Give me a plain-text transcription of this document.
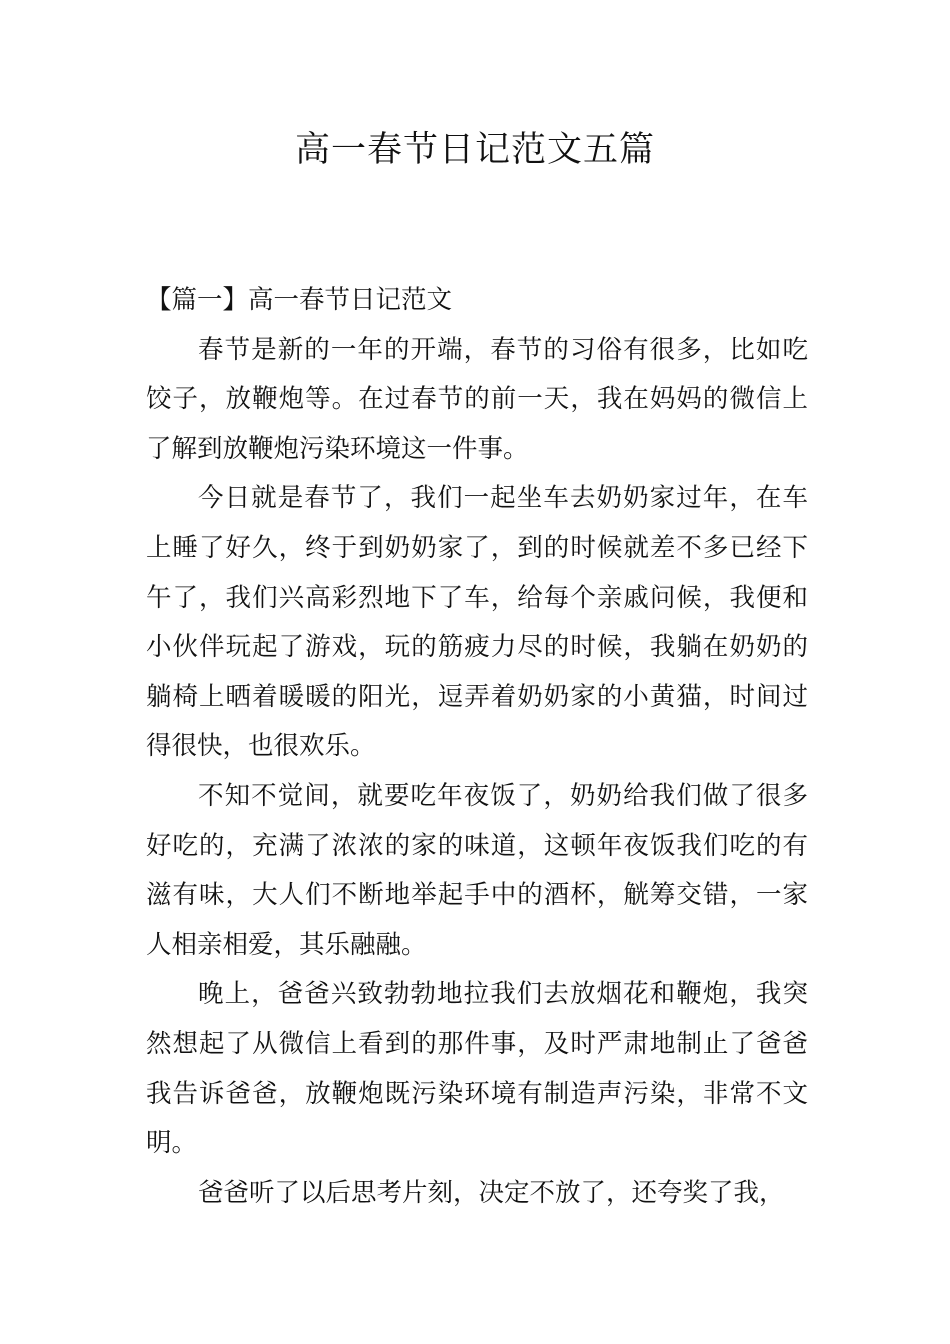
高一春节日记范文五篇

【篇一】高一春节日记范文

春节是新的一年的开端，春节的习俗有很多，比如吃饺子，放鞭炮等。在过春节的前一天，我在妈妈的微信上了解到放鞭炮污染环境这一件事。

今日就是春节了，我们一起坐车去奶奶家过年，在车上睡了好久，终于到奶奶家了，到的时候就差不多已经下午了，我们兴高彩烈地下了车，给每个亲戚问候，我便和小伙伴玩起了游戏，玩的筋疲力尽的时候，我躺在奶奶的躺椅上晒着暖暖的阳光，逗弄着奶奶家的小黄猫，时间过得很快，也很欢乐。

不知不觉间，就要吃年夜饭了，奶奶给我们做了很多好吃的，充满了浓浓的家的味道，这顿年夜饭我们吃的有滋有味，大人们不断地举起手中的酒杯，觥筹交错，一家人相亲相爱，其乐融融。

晚上，爸爸兴致勃勃地拉我们去放烟花和鞭炮，我突然想起了从微信上看到的那件事，及时严肃地制止了爸爸我告诉爸爸，放鞭炮既污染环境有制造声污染，非常不文明。

爸爸听了以后思考片刻，决定不放了，还夸奖了我，
